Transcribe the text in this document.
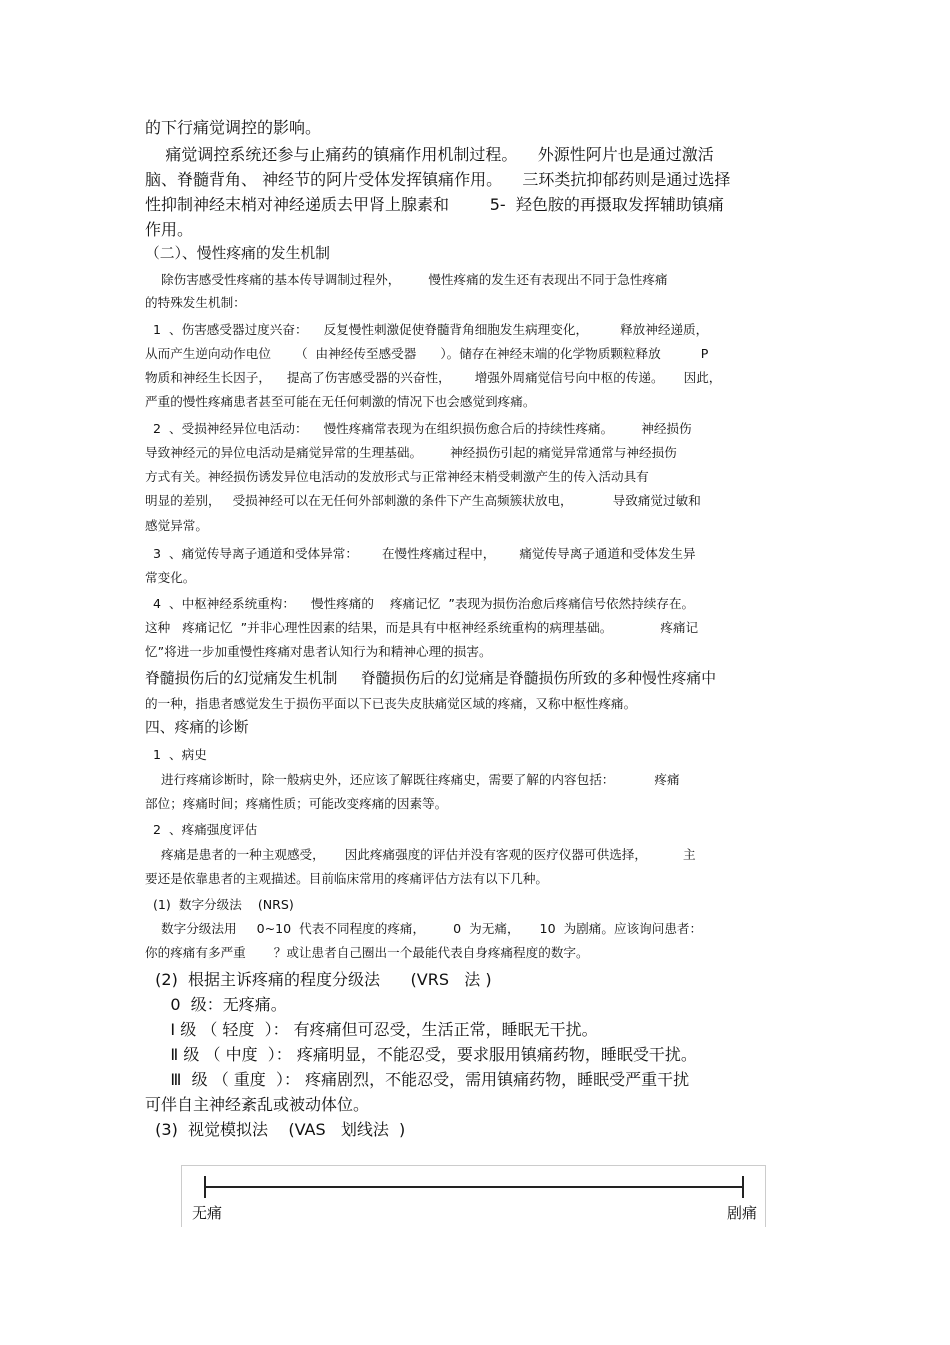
的下行痛觉调控的影响。
痛觉调控系统还参与止痛药的镇痛作用机制过程。    外源性阿片也是通过激活
脑、脊髓背角、 神经节的阿片受体发挥镇痛作用。    三环类抗抑郁药则是通过选择
性抑制神经末梢对神经递质去甲肾上腺素和        5-  羟色胺的再摄取发挥辅助镇痛
作用。
（二）、慢性疼痛的发生机制
除伤害感受性疼痛的基本传导调制过程外，       慢性疼痛的发生还有表现出不同于急性疼痛
的特殊发生机制：
1  、伤害感受器过度兴奋：    反复慢性刺激促使脊髓背角细胞发生病理变化，        释放神经递质，
从而产生逆向动作电位      （  由神经传至感受器      ）。储存在神经末端的化学物质颗粒释放          P
物质和神经生长因子，    提高了伤害感受器的兴奋性，      增强外周痛觉信号向中枢的传递。     因此，
严重的慢性疼痛患者甚至可能在无任何刺激的情况下也会感觉到疼痛。
2  、受损神经异位电活动：    慢性疼痛常表现为在组织损伤愈合后的持续性疼痛。       神经损伤
导致神经元的异位电活动是痛觉异常的生理基础。       神经损伤引起的痛觉异常通常与神经损伤
方式有关。神经损伤诱发异位电活动的发放形式与正常神经末梢受刺激产生的传入活动具有
明显的差别，   受损神经可以在无任何外部刺激的条件下产生高频簇状放电，          导致痛觉过敏和
感觉异常。
3  、痛觉传导离子通道和受体异常：      在慢性疼痛过程中，      痛觉传导离子通道和受体发生异
常变化。
4  、中枢神经系统重构：    慢性疼痛的    疼痛记忆  ”表现为损伤治愈后疼痛信号依然持续存在。
这种   疼痛记忆  ”并非心理性因素的结果，而是具有中枢神经系统重构的病理基础。            疼痛记
忆”将进一步加重慢性疼痛对患者认知行为和精神心理的损害。
脊髓损伤后的幻觉痛发生机制     脊髓损伤后的幻觉痛是脊髓损伤所致的多种慢性疼痛中
的一种，指患者感觉发生于损伤平面以下已丧失皮肤痛觉区域的疼痛，又称中枢性疼痛。
四、疼痛的诊断
1  、病史
进行疼痛诊断时，除一般病史外，还应该了解既往疼痛史，需要了解的内容包括：          疼痛
部位；疼痛时间；疼痛性质；可能改变疼痛的因素等。
2  、疼痛强度评估
疼痛是患者的一种主观感受，     因此疼痛强度的评估并没有客观的医疗仪器可供选择，         主
要还是依靠患者的主观描述。目前临床常用的疼痛评估方法有以下几种。
(1)  数字分级法    (NRS)
数字分级法用     0~10  代表不同程度的疼痛，       0  为无痛，     10  为剧痛。应该询问患者：
你的疼痛有多严重       ？或让患者自己圈出一个最能代表自身疼痛程度的数字。
(2)  根据主诉疼痛的程度分级法      (VRS   法 )
0  级：无疼痛。
Ⅰ 级 （ 轻度  ）： 有疼痛但可忍受，生活正常，睡眠无干扰。
Ⅱ 级 （ 中度  ）： 疼痛明显，不能忍受，要求服用镇痛药物，睡眠受干扰。
Ⅲ  级 （ 重度  ）： 疼痛剧烈，不能忍受，需用镇痛药物，睡眠受严重干扰
可伴自主神经紊乱或被动体位。
(3)  视觉模拟法    (VAS   划线法  )
无痛	剧痛
